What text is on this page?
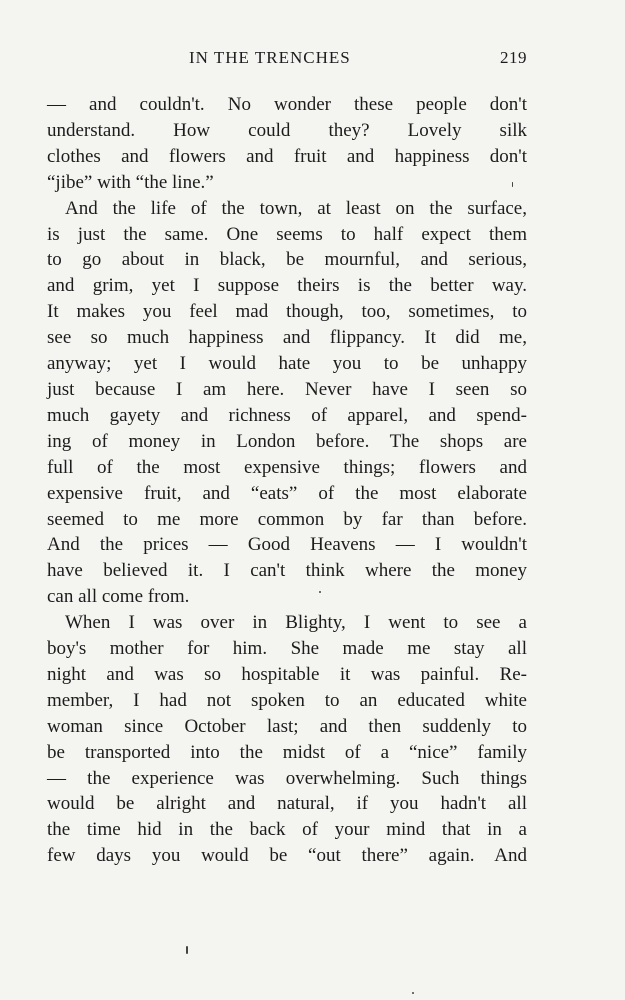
IN THE TRENCHES	219
— and couldn't. No wonder these people don't
understand. How could they? Lovely silk
clothes and flowers and fruit and happiness don't
“jibe” with “the line.”
And the life of the town, at least on the surface,
is just the same. One seems to half expect them
to go about in black, be mournful, and serious,
and grim, yet I suppose theirs is the better way.
It makes you feel mad though, too, sometimes, to
see so much happiness and flippancy. It did me,
anyway; yet I would hate you to be unhappy
just because I am here. Never have I seen so
much gayety and richness of apparel, and spend-
ing of money in London before. The shops are
full of the most expensive things; flowers and
expensive fruit, and “eats” of the most elaborate
seemed to me more common by far than before.
And the prices — Good Heavens — I wouldn't
have believed it. I can't think where the money
can all come from.
When I was over in Blighty, I went to see a
boy's mother for him. She made me stay all
night and was so hospitable it was painful. Re-
member, I had not spoken to an educated white
woman since October last; and then suddenly to
be transported into the midst of a “nice” family
— the experience was overwhelming. Such things
would be alright and natural, if you hadn't all
the time hid in the back of your mind that in a
few days you would be “out there” again. And
